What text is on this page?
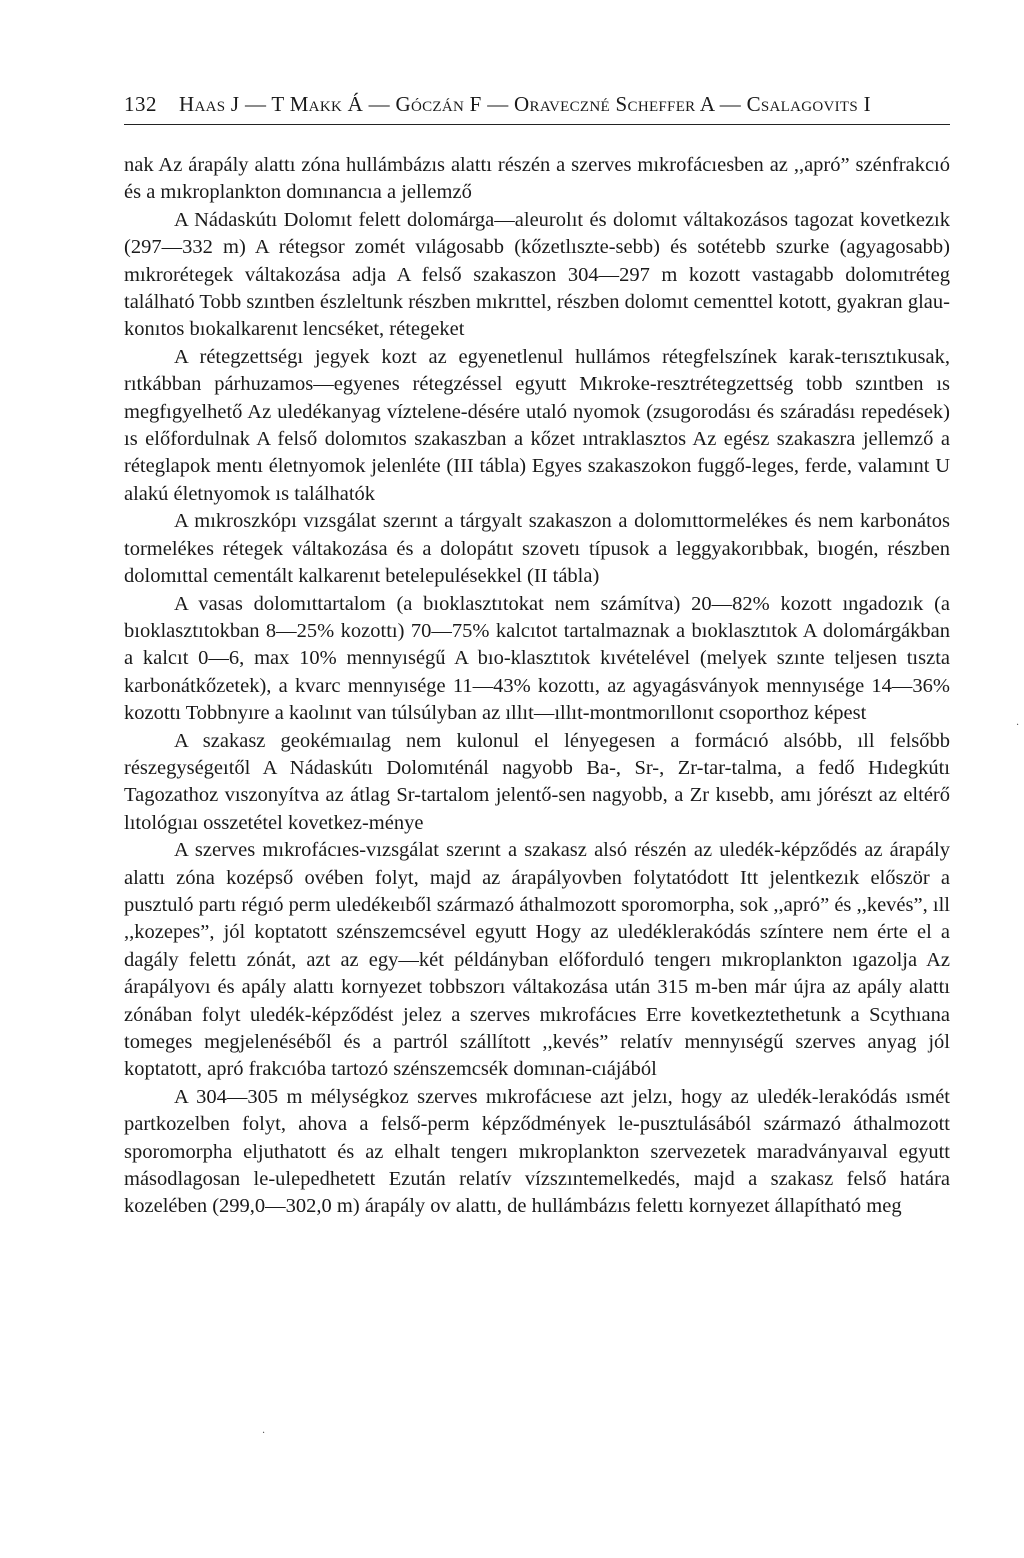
132 Haas J — T Makk Á — Góczán F — Oraveczné Scheffer A — Csalagovits I

nak Az árapály alattı zóna hullámbázıs alattı részén a szerves mıkrofácıesben az ,,apró” szénfrakcıó és a mıkroplankton domınancıa a jellemző

A Nádaskútı Dolomıt felett dolomárga—aleurolıt és dolomıt váltakozásos tagozat kovetkezık (297—332 m) A rétegsor zomét vılágosabb (kőzetlıszte-sebb) és sotétebb szurke (agyagosabb) mıkrorétegek váltakozása adja A felső szakaszon 304—297 m kozott vastagabb dolomıtréteg található Tobb szıntben észleltunk részben mıkrıttel, részben dolomıt cementtel kotott, gyakran glau-konıtos bıokalkarenıt lencséket, rétegeket

A rétegzettségı jegyek kozt az egyenetlenul hullámos rétegfelszínek karak-terısztıkusak, rıtkábban párhuzamos—egyenes rétegzéssel egyutt Mıkroke-resztrétegzettség tobb szıntben ıs megfıgyelhető Az uledékanyag víztelene-désére utaló nyomok (zsugorodásı és száradásı repedések) ıs előfordulnak A felső dolomıtos szakaszban a kőzet ıntraklasztos Az egész szakaszra jellemző a réteglapok mentı életnyomok jelenléte (III tábla) Egyes szakaszokon fuggő-leges, ferde, valamınt U alakú életnyomok ıs találhatók

A mıkroszkópı vızsgálat szerınt a tárgyalt szakaszon a dolomıttormelékes és nem karbonátos tormelékes rétegek váltakozása és a dolopátıt szovetı típusok a leggyakorıbbak, bıogén, részben dolomıttal cementált kalkarenıt betelepulésekkel (II tábla)

A vasas dolomıttartalom (a bıoklasztıtokat nem számítva) 20—82% kozott ıngadozık (a bıoklasztıtokban 8—25% kozottı) 70—75% kalcıtot tartalmaznak a bıoklasztıtok A dolomárgákban a kalcıt 0—6, max 10% mennyıségű A bıo-klasztıtok kıvételével (melyek szınte teljesen tıszta karbonátkőzetek), a kvarc mennyısége 11—43% kozottı, az agyagásványok mennyısége 14—36% kozottı Tobbnyıre a kaolınıt van túlsúlyban az ıllıt—ıllıt-montmorıllonıt csoporthoz képest

A szakasz geokémıaılag nem kulonul el lényegesen a formácıó alsóbb, ıll felsőbb részegységeıtől A Nádaskútı Dolomıténál nagyobb Ba-, Sr-, Zr-tar-talma, a fedő Hıdegkútı Tagozathoz vıszonyítva az átlag Sr-tartalom jelentő-sen nagyobb, a Zr kısebb, amı jórészt az eltérő lıtológıaı osszetétel kovetkez-ménye

A szerves mıkrofácıes-vızsgálat szerınt a szakasz alsó részén az uledék-képződés az árapály alattı zóna kozépső ovében folyt, majd az árapályovben folytatódott Itt jelentkezık először a pusztuló partı régıó perm uledékeıből származó áthalmozott sporomorpha, sok ,,apró” és ,,kevés”, ıll ,,kozepes”, jól koptatott szénszemcsével egyutt Hogy az uledéklerakódás színtere nem érte el a dagály felettı zónát, azt az egy—két példányban előforduló tengerı mıkroplankton ıgazolja Az árapályovı és apály alattı kornyezet tobbszorı váltakozása után 315 m-ben már újra az apály alattı zónában folyt uledék-képződést jelez a szerves mıkrofácıes Erre kovetkeztethetunk a Scythıana tomeges megjelenéséből és a partról szállított ,,kevés” relatív mennyıségű szerves anyag jól koptatott, apró frakcıóba tartozó szénszemcsék domınan-cıájából

A 304—305 m mélységkoz szerves mıkrofácıese azt jelzı, hogy az uledék-lerakódás ısmét partkozelben folyt, ahova a felső-perm képződmények le-pusztulásából származó áthalmozott sporomorpha eljuthatott és az elhalt tengerı mıkroplankton szervezetek maradványaıval egyutt másodlagosan le-ulepedhetett Ezután relatív vízszıntemelkedés, majd a szakasz felső határa kozelében (299,0—302,0 m) árapály ov alattı, de hullámbázıs felettı kornyezet állapítható meg

·
·
